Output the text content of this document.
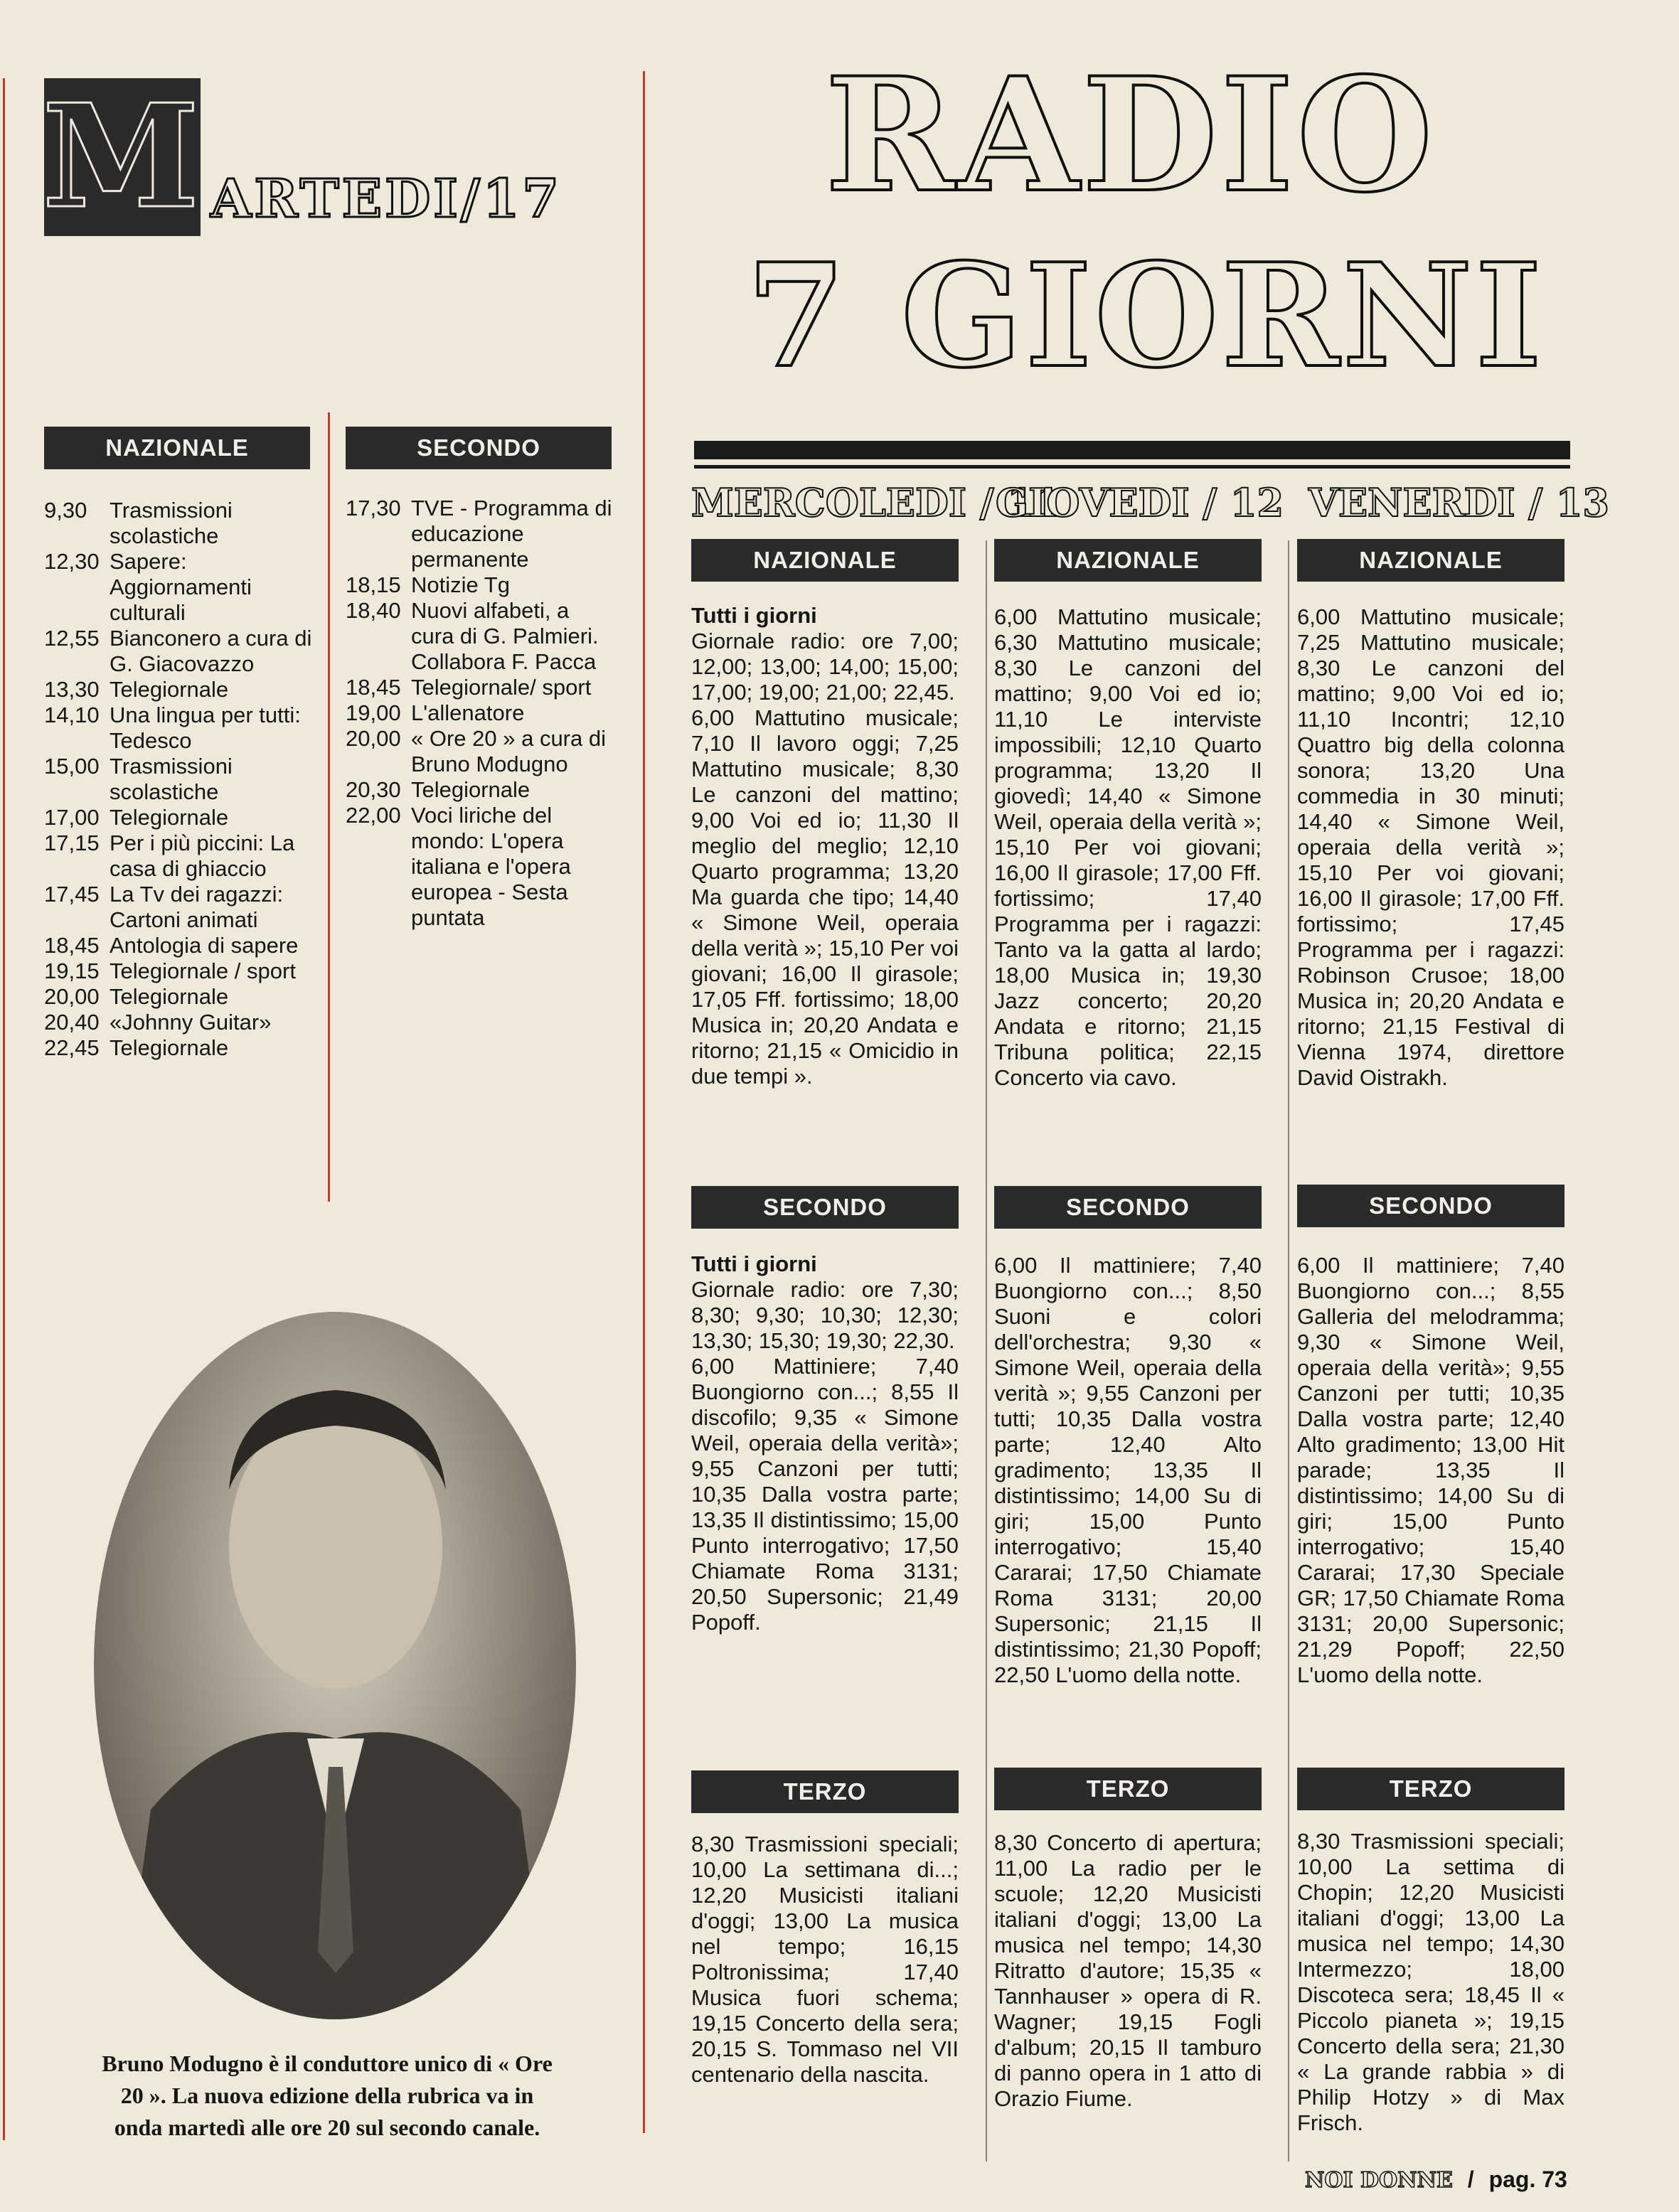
M ARTEDI/17 RADIO
7 GIORNI
NAZIONALE
9,30	Trasmissioni scolastiche
12,30 Sapere: Aggiornamenti culturali
12,55 Bianconero a cura di G. Giacovazzo
13,30 Telegiornale
14,10 Una lingua per tutti: Tedesco
15,00 Trasmissioni scolastiche
17,00 Telegiornale
17,15 Per i più piccini: La casa di ghiaccio
17,45 La Tv dei ragazzi: Cartoni animati
18,45 Antologia di sapere
19,15 Telegiornale / sport
20,00 Telegiornale
20,40 «Johnny Guitar»
22,45 Telegiornale
SECONDO
17,30 TVE - Programma di educazione permanente
18,15 Notizie Tg
18,40 Nuovi alfabeti, a cura di G. Palmieri. Collabora F. Pacca
18,45 Telegiornale/ sport
19,00 L'allenatore
20,00 « Ore 20 » a cura di Bruno Modugno
20,30 Telegiornale
22,00 Voci liriche del mondo: L'opera italiana e l'opera europea - Sesta puntata

Bruno Modugno è il conduttore unico di « Ore 20 ». La nuova edizione della rubrica va in onda martedì alle ore 20 sul secondo canale.

MERCOLEDI / 11
GIOVEDI / 12 VENERDI / 13
NAZIONALE

Tutti i giorni
Giornale radio: ore 7,00; 12,00; 13,00; 14,00; 15,00; 17,00; 19,00; 21,00; 22,45.
6,00 Mattutino musicale; 7,10 Il lavoro oggi; 7,25 Mattutino musicale; 8,30 Le canzoni del mattino; 9,00 Voi ed io; 11,30 Il meglio del meglio; 12,10 Quarto programma; 13,20 Ma guarda che tipo; 14,40 « Simone Weil, operaia della verità »; 15,10 Per voi giovani; 16,00 Il girasole; 17,05 Fff. fortissimo; 18,00 Musica in; 20,20 Andata e ritorno; 21,15 « Omicidio in due tempi ».

SECONDO

Tutti i giorni
Giornale radio: ore 7,30; 8,30; 9,30; 10,30; 12,30; 13,30; 15,30; 19,30; 22,30.
6,00 Mattiniere; 7,40 Buongiorno con...; 8,55 Il discofilo; 9,35 « Simone Weil, operaia della verità»; 9,55 Canzoni per tutti; 10,35 Dalla vostra parte; 13,35 Il distintissimo; 15,00 Punto interrogativo; 17,50 Chiamate Roma 3131; 20,50 Supersonic; 21,49 Popoff.

TERZO

8,30 Trasmissioni speciali; 10,00 La settimana di...; 12,20 Musicisti italiani d'oggi; 13,00 La musica nel tempo; 16,15 Poltronissima; 17,40 Musica fuori schema; 19,15 Concerto della sera; 20,15 S. Tommaso nel VII centenario della nascita.

NAZIONALE

6,00 Mattutino musicale; 6,30 Mattutino musicale; 8,30 Le canzoni del mattino; 9,00 Voi ed io; 11,10 Le interviste impossibili; 12,10 Quarto programma; 13,20 Il giovedì; 14,40 « Simone Weil, operaia della verità »; 15,10 Per voi giovani; 16,00 Il girasole; 17,00 Fff. fortissimo; 17,40 Programma per i ragazzi: Tanto va la gatta al lardo; 18,00 Musica in; 19,30 Jazz concerto; 20,20 Andata e ritorno; 21,15 Tribuna politica; 22,15 Concerto via cavo.

SECONDO

6,00 Il mattiniere; 7,40 Buongiorno con...; 8,50 Suoni e colori dell'orchestra; 9,30 « Simone Weil, operaia della verità »; 9,55 Canzoni per tutti; 10,35 Dalla vostra parte; 12,40 Alto gradimento; 13,35 Il distintissimo; 14,00 Su di giri; 15,00 Punto interrogativo; 15,40 Cararai; 17,50 Chiamate Roma 3131; 20,00 Supersonic; 21,15 Il distintissimo; 21,30 Popoff; 22,50 L'uomo della notte.

TERZO

8,30 Concerto di apertura; 11,00 La radio per le scuole; 12,20 Musicisti italiani d'oggi; 13,00 La musica nel tempo; 14,30 Ritratto d'autore; 15,35 « Tannhauser » opera di R. Wagner; 19,15 Fogli d'album; 20,15 Il tamburo di panno opera in 1 atto di Orazio Fiume.

NAZIONALE

6,00 Mattutino musicale; 7,25 Mattutino musicale; 8,30 Le canzoni del mattino; 9,00 Voi ed io; 11,10 Incontri; 12,10 Quattro big della colonna sonora; 13,20 Una commedia in 30 minuti; 14,40 « Simone Weil, operaia della verità »; 15,10 Per voi giovani; 16,00 Il girasole; 17,00 Fff. fortissimo; 17,45 Programma per i ragazzi: Robinson Crusoe; 18,00 Musica in; 20,20 Andata e ritorno; 21,15 Festival di Vienna 1974, direttore David Oistrakh.

SECONDO

6,00 Il mattiniere; 7,40 Buongiorno con...; 8,55 Galleria del melodramma; 9,30 « Simone Weil, operaia della verità»; 9,55 Canzoni per tutti; 10,35 Dalla vostra parte; 12,40 Alto gradimento; 13,00 Hit parade; 13,35 Il distintissimo; 14,00 Su di giri; 15,00 Punto interrogativo; 15,40 Cararai; 17,30 Speciale GR; 17,50 Chiamate Roma 3131; 20,00 Supersonic; 21,29 Popoff; 22,50 L'uomo della notte.

TERZO

8,30 Trasmissioni speciali; 10,00 La settima di Chopin; 12,20 Musicisti italiani d'oggi; 13,00 La musica nel tempo; 14,30 Intermezzo; 18,00 Discoteca sera; 18,45 Il « Piccolo pianeta »; 19,15 Concerto della sera; 21,30 « La grande rabbia » di Philip Hotzy » di Max Frisch.

NOI DONNE / pag. 73
